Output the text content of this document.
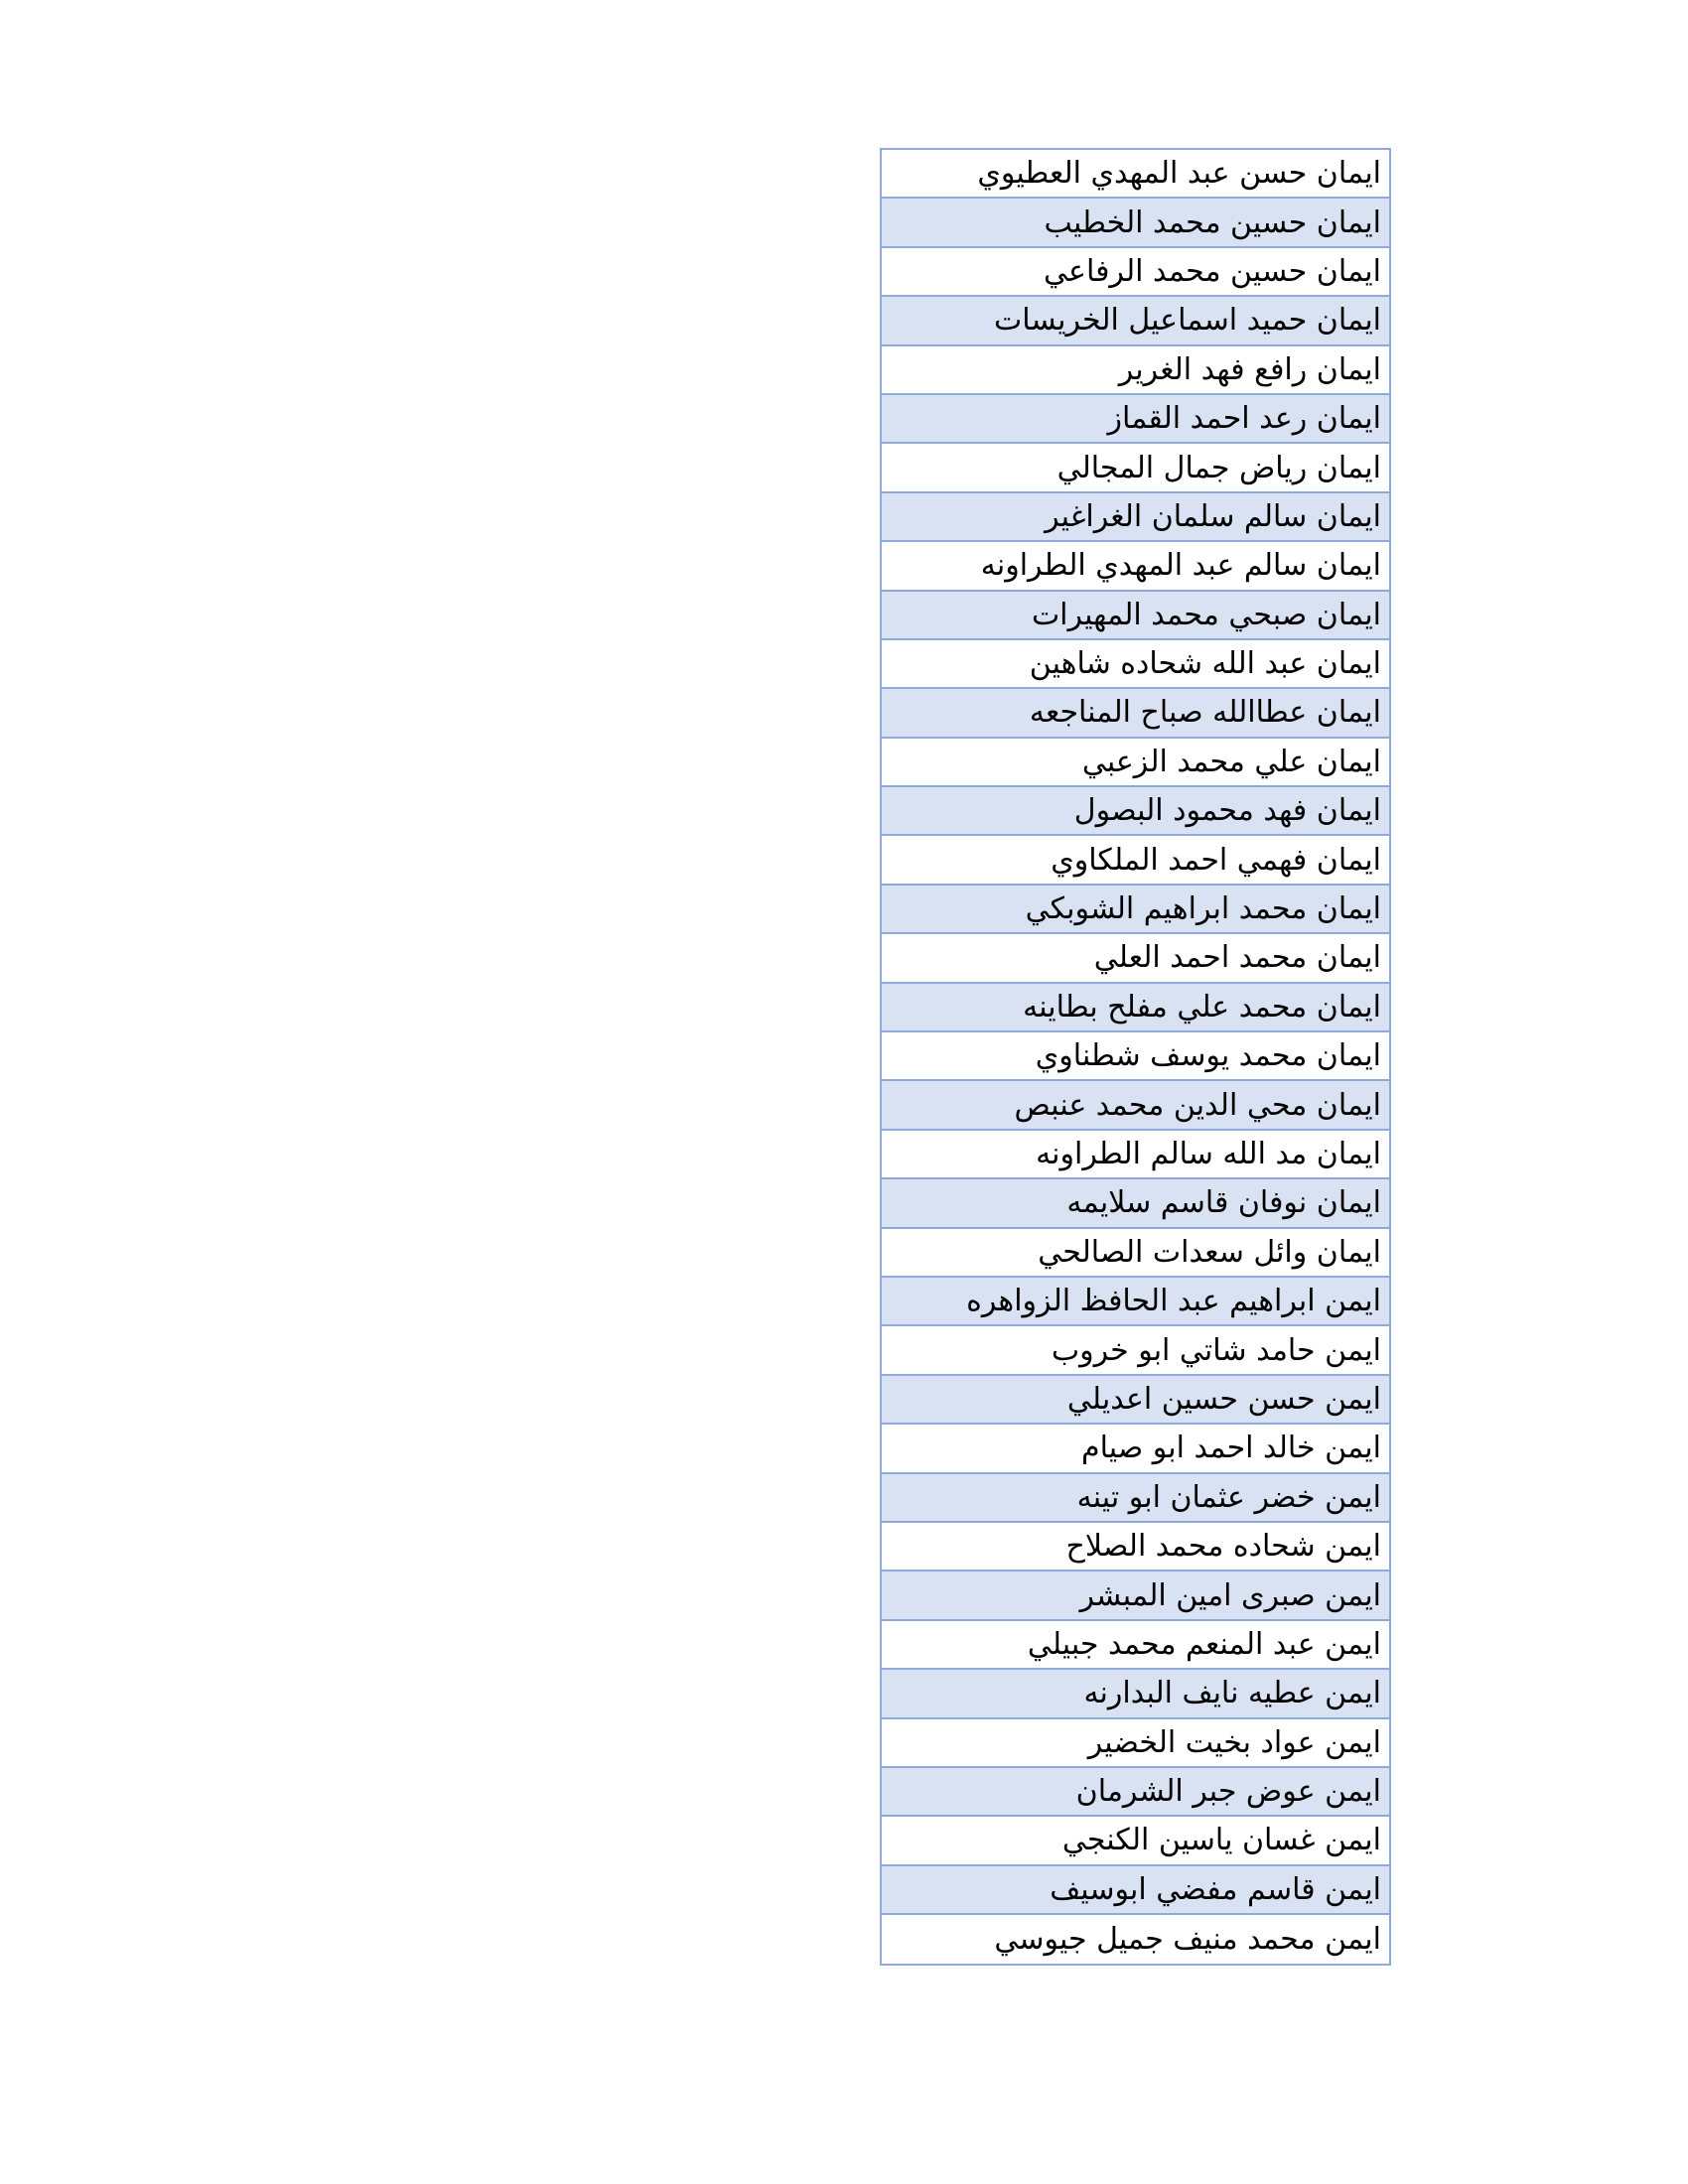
ايمان حسن عبد المهدي العطيوي
ايمان حسين محمد الخطيب
ايمان حسين محمد الرفاعي
ايمان حميد اسماعيل الخريسات
ايمان رافع فهد الغرير
ايمان رعد احمد القماز
ايمان رياض جمال المجالي
ايمان سالم سلمان الغراغير
ايمان سالم عبد المهدي الطراونه
ايمان صبحي محمد المهيرات
ايمان عبد الله شحاده شاهين
ايمان عطاالله صباح المناجعه
ايمان علي محمد الزعبي
ايمان فهد محمود البصول
ايمان فهمي احمد الملكاوي
ايمان محمد ابراهيم الشوبكي
ايمان محمد احمد العلي
ايمان محمد علي مفلح بطاينه
ايمان محمد يوسف شطناوي
ايمان محي الدين محمد عنبص
ايمان مد الله سالم الطراونه
ايمان نوفان قاسم سلايمه
ايمان وائل سعدات الصالحي
ايمن ابراهيم عبد الحافظ الزواهره
ايمن حامد شاتي ابو خروب
ايمن حسن حسين اعديلي
ايمن خالد احمد ابو صيام
ايمن خضر عثمان ابو تينه
ايمن شحاده محمد الصلاح
ايمن صبرى امين المبشر
ايمن عبد المنعم محمد جبيلي
ايمن عطيه نايف البدارنه
ايمن عواد بخيت الخضير
ايمن عوض جبر الشرمان
ايمن غسان ياسين الكنجي
ايمن قاسم مفضي ابوسيف
ايمن محمد منيف جميل جيوسي
